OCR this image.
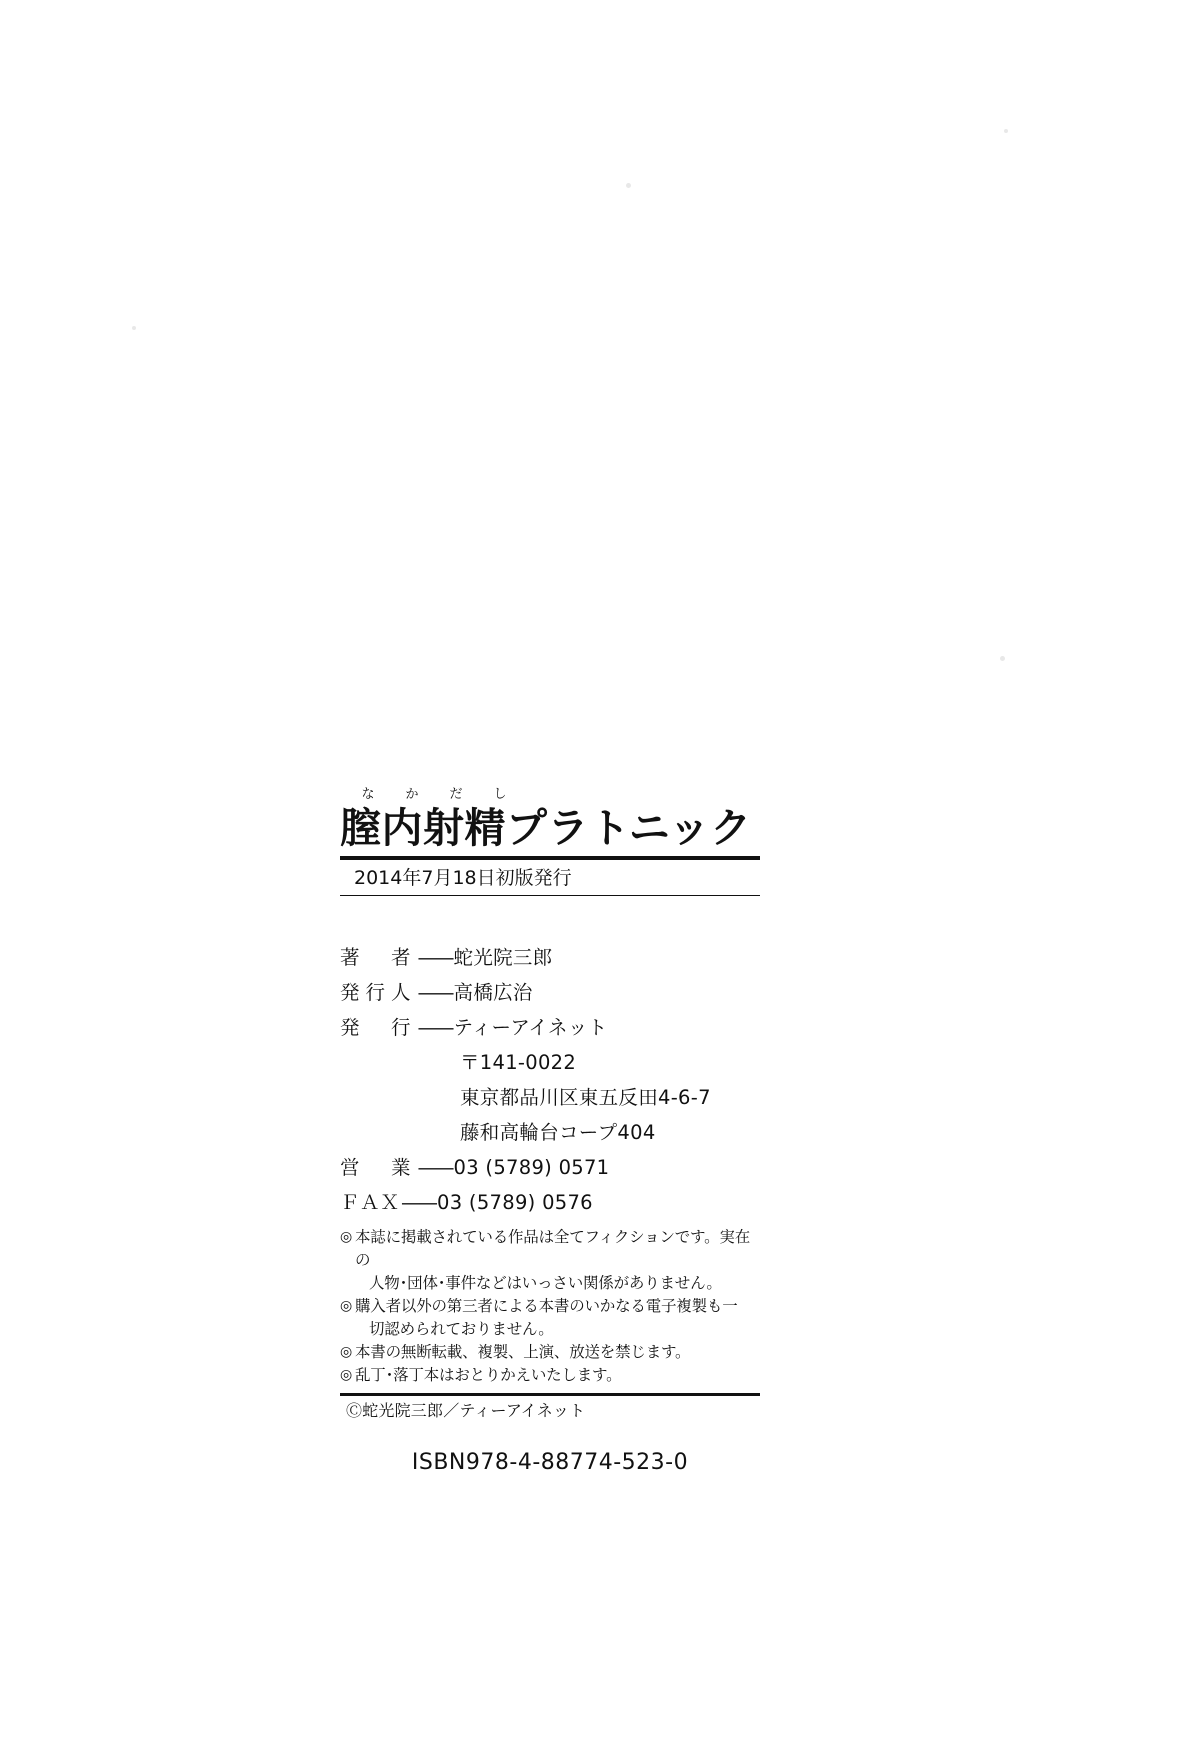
な	か	だ	し
膣内射精プラトニック
2014年7月18日初版発行
著　者 —— 蛇光院三郎
発行人 —— 高橋広治
発　行 —— ティーアイネット
〒141-0022
東京都品川区東五反田4-6-7
藤和高輪台コープ404
営　業 —— 03 (5789) 0571
ＦＡＸ —— 03 (5789) 0576
◎ 本誌に掲載されている作品は全てフィクションです。実在の
人物･団体･事件などはいっさい関係がありません。
◎ 購入者以外の第三者による本書のいかなる電子複製も一
切認められておりません。
◎ 本書の無断転載、複製、上演、放送を禁じます。
◎ 乱丁･落丁本はおとりかえいたします。
Ⓒ蛇光院三郎／ティーアイネット
ISBN978-4-88774-523-0
